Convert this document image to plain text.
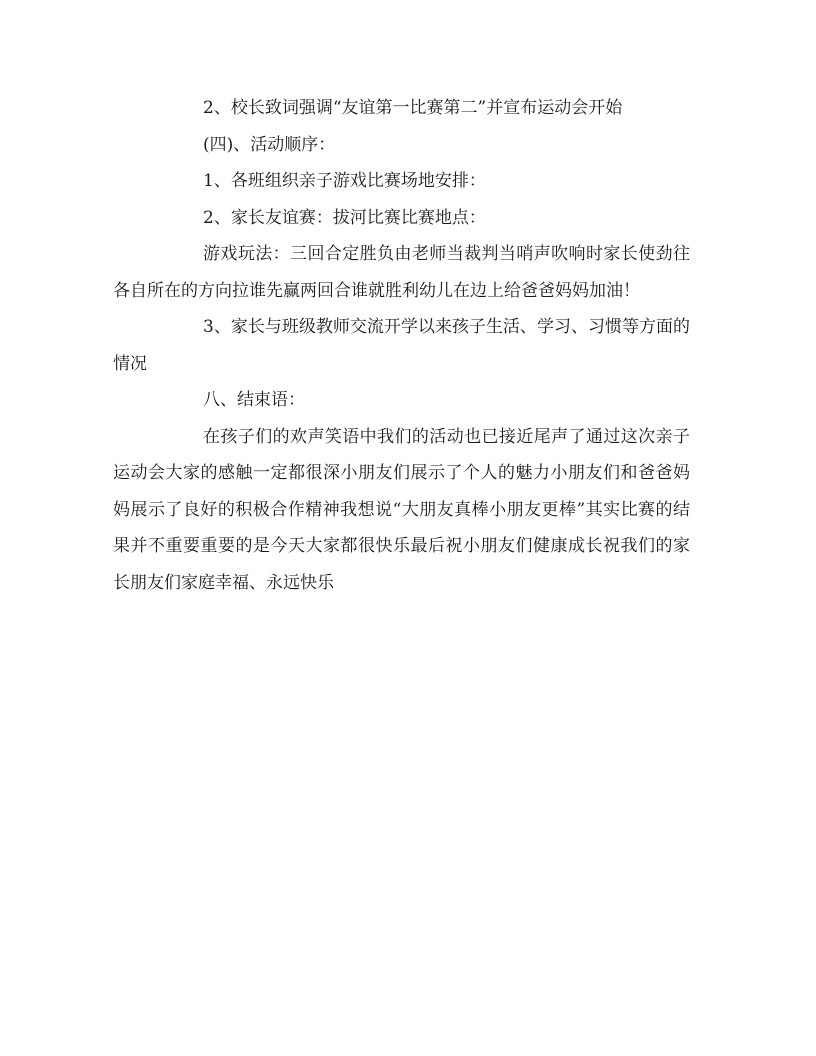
2、校长致词强调“友谊第一比赛第二”并宣布运动会开始

(四)、活动顺序：

1、各班组织亲子游戏比赛场地安排：

2、家长友谊赛：拔河比赛比赛地点：

游戏玩法：三回合定胜负由老师当裁判当哨声吹响时家长使劲往各自所在的方向拉谁先赢两回合谁就胜利幼儿在边上给爸爸妈妈加油！

3、家长与班级教师交流开学以来孩子生活、学习、习惯等方面的情况

八、结束语：

在孩子们的欢声笑语中我们的活动也已接近尾声了通过这次亲子运动会大家的感触一定都很深小朋友们展示了个人的魅力小朋友们和爸爸妈妈展示了良好的积极合作精神我想说“大朋友真棒小朋友更棒”其实比赛的结果并不重要重要的是今天大家都很快乐最后祝小朋友们健康成长祝我们的家长朋友们家庭幸福、永远快乐
